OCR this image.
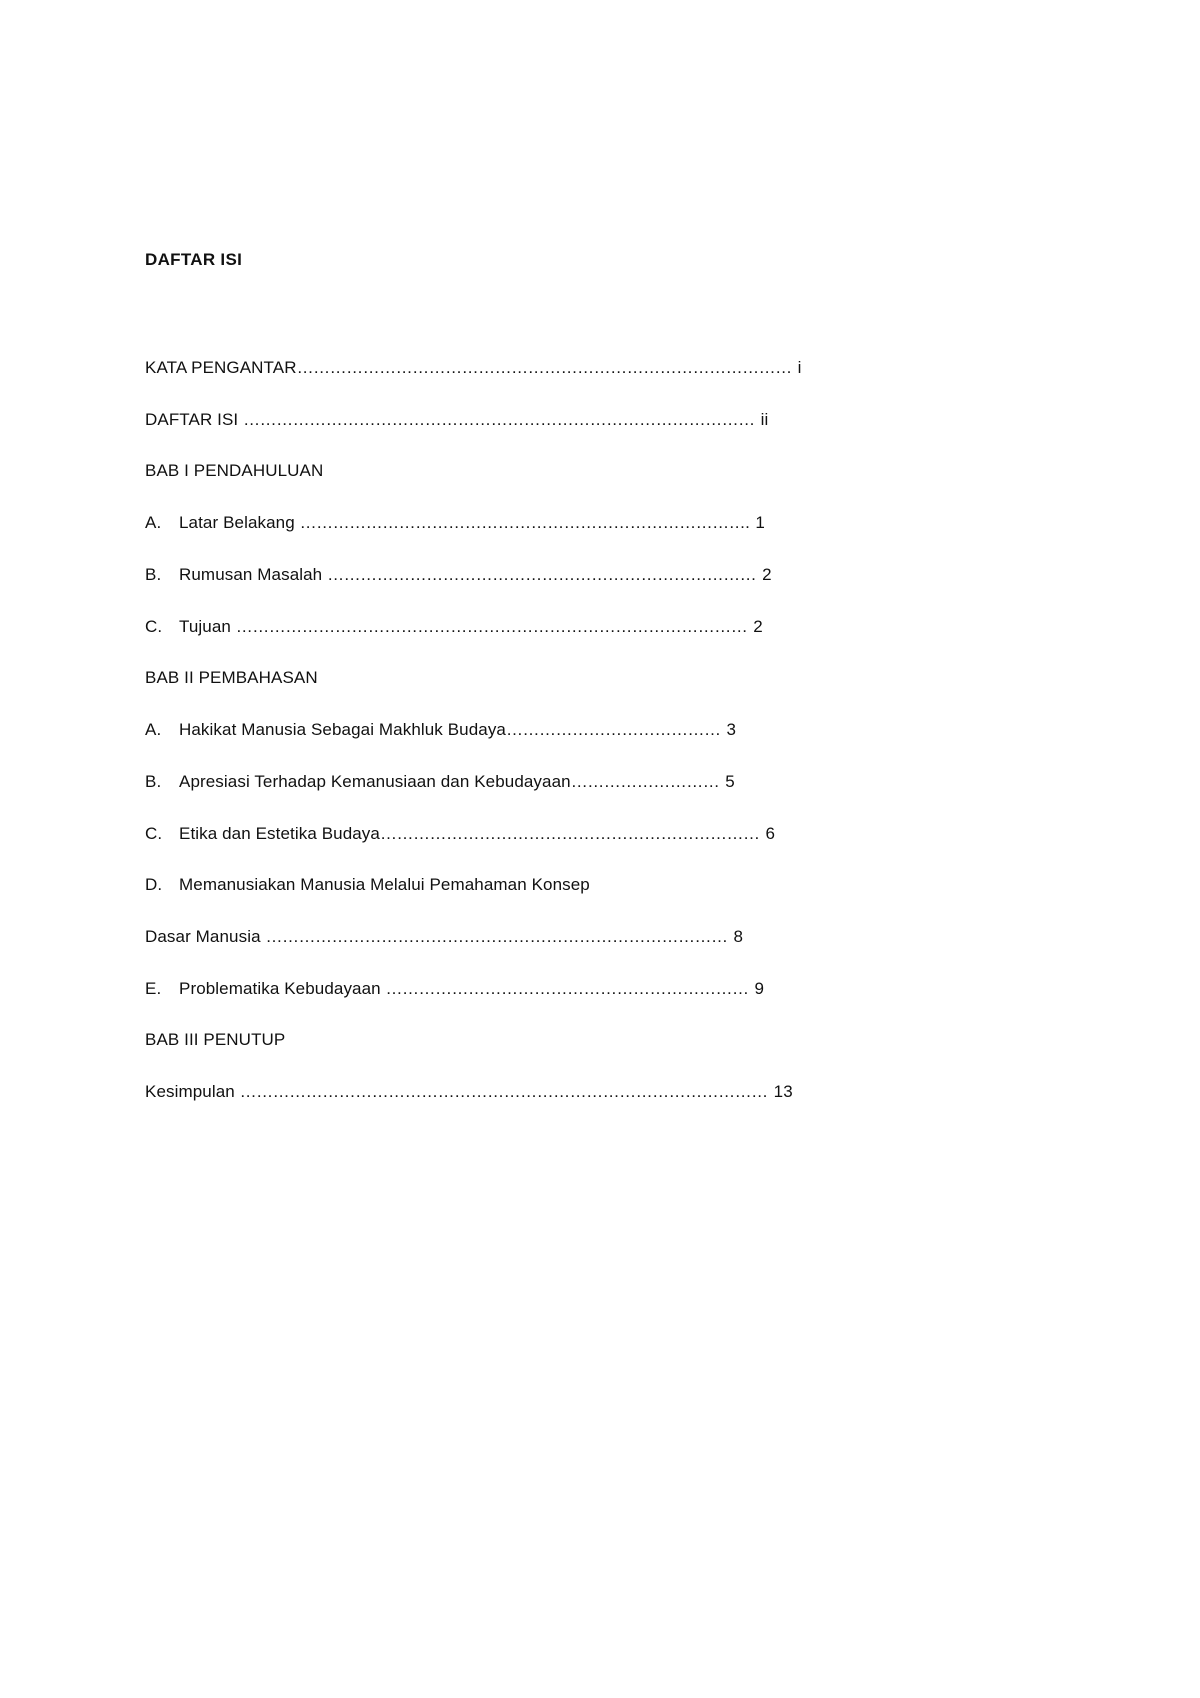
DAFTAR ISI
KATA PENGANTAR……………………………………………………………………………… i
DAFTAR ISI ………………………………………………………………………………… ii
BAB I PENDAHULUAN
A. Latar Belakang ………………………………………………………………………. 1
B. Rumusan Masalah …………………………………………………………………… 2
C. Tujuan ………………………………………………………………………………… 2
BAB II PEMBAHASAN
A. Hakikat Manusia Sebagai Makhluk Budaya………………………………… 3
B. Apresiasi Terhadap Kemanusiaan dan Kebudayaan……………………… 5
C. Etika dan Estetika Budaya…………………………………………………………… 6
D. Memanusiakan Manusia Melalui Pemahaman Konsep
Dasar Manusia ………………………………………………………………………… 8
E. Problematika Kebudayaan ………………………………………………………… 9
BAB III PENUTUP
Kesimpulan …………………………………………………………………………………… 13
